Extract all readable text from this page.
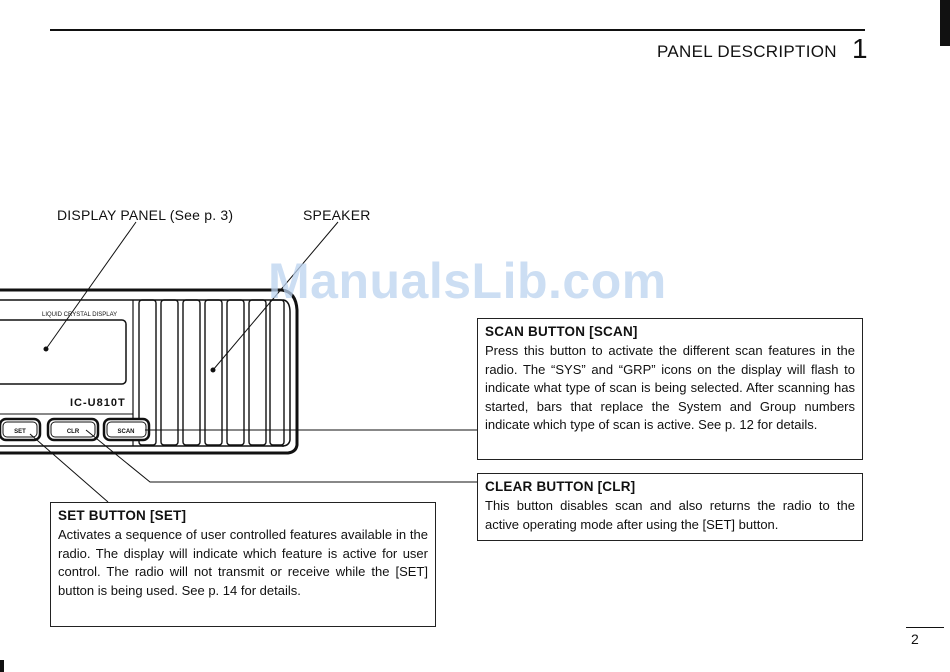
PANEL DESCRIPTION 1
DISPLAY PANEL (See p. 3)	SPEAKER
LIQUID CRYSTAL DISPLAY
IC-U810T
SET	CLR	SCAN
ManualsLib.com
SCAN BUTTON [SCAN]

Press this button to activate the different scan features in the radio. The “SYS” and “GRP” icons on the display will flash to indicate what type of scan is being selected. After scanning has started, bars that replace the System and Group numbers indicate which type of scan is active. See p. 12 for details.

CLEAR BUTTON [CLR]

This button disables scan and also returns the radio to the active operating mode after using the [SET] button.

SET BUTTON [SET]

Activates a sequence of user controlled features available in the radio. The display will indicate which feature is active for user control. The radio will not transmit or receive while the [SET] button is being used. See p. 14 for details.

2
